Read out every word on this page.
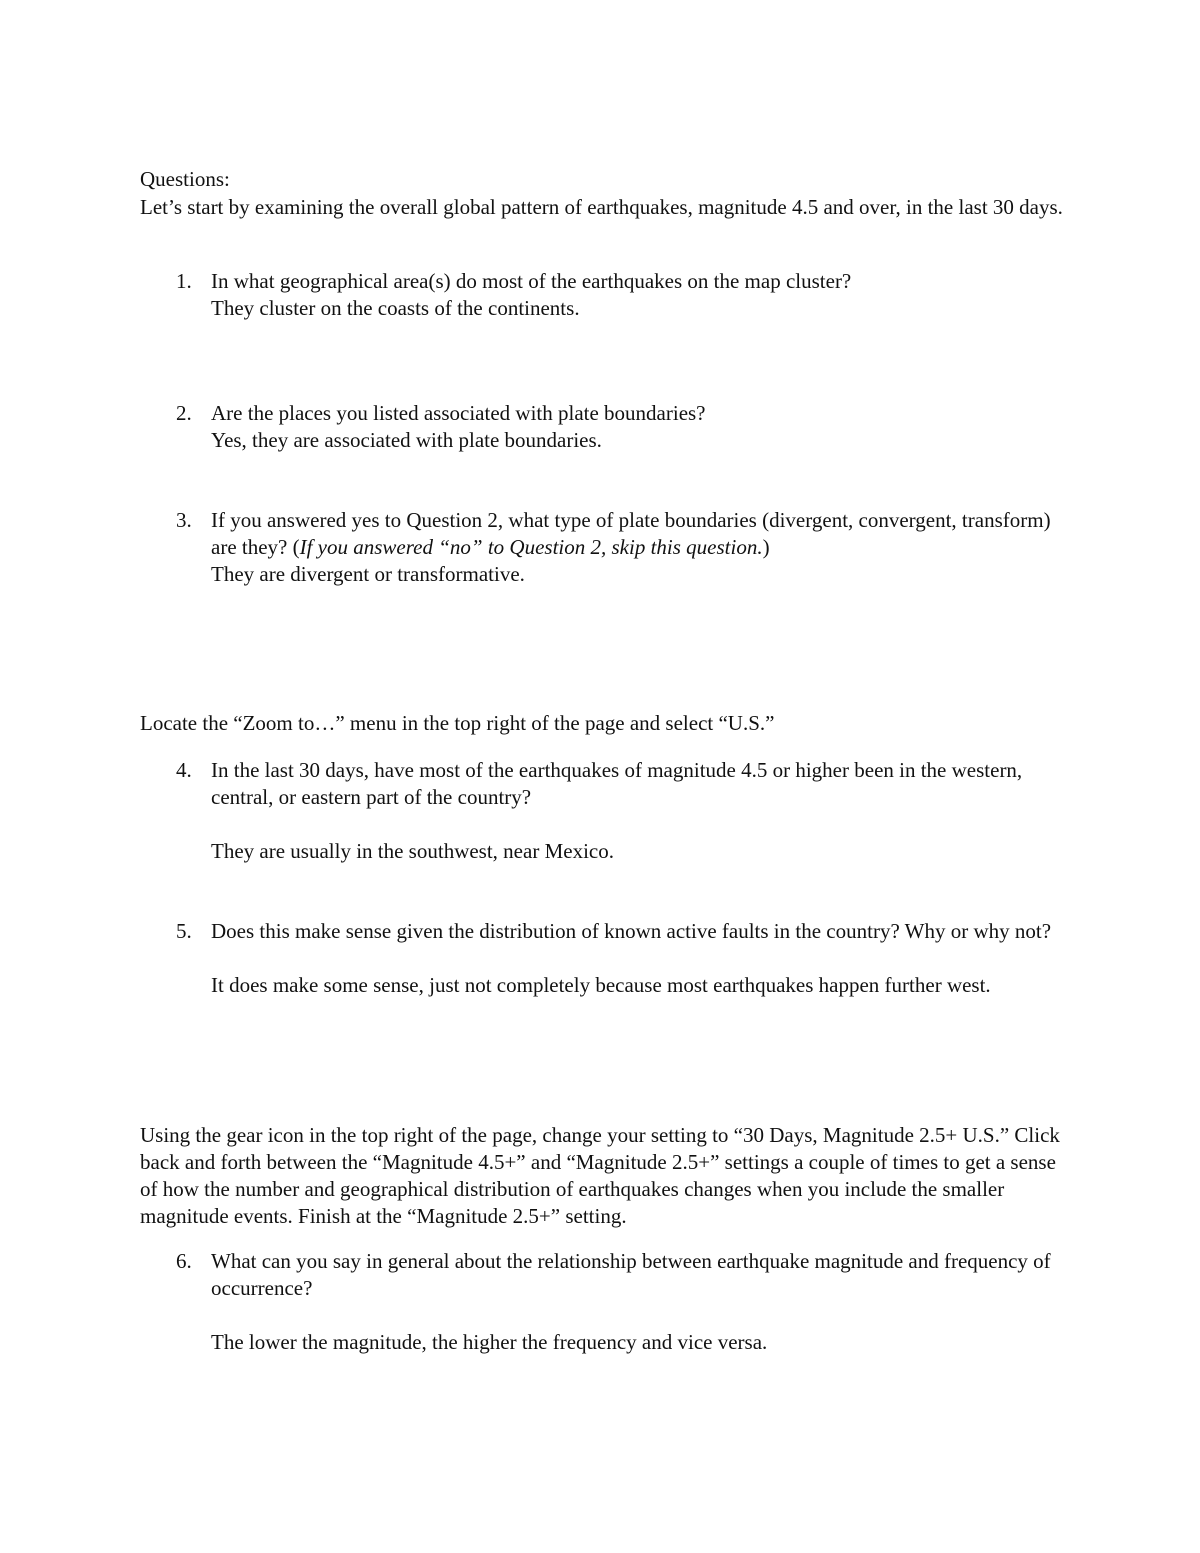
Questions:

Let’s start by examining the overall global pattern of earthquakes, magnitude 4.5 and over, in the last 30 days.

1. In what geographical area(s) do most of the earthquakes on the map cluster?

They cluster on the coasts of the continents.

2. Are the places you listed associated with plate boundaries?

Yes, they are associated with plate boundaries.

3. If you answered yes to Question 2, what type of plate boundaries (divergent, convergent, transform) are they? (If you answered “no” to Question 2, skip this question.)

They are divergent or transformative.

Locate the “Zoom to…” menu in the top right of the page and select “U.S.”

4. In the last 30 days, have most of the earthquakes of magnitude 4.5 or higher been in the western, central, or eastern part of the country?

They are usually in the southwest, near Mexico.

5. Does this make sense given the distribution of known active faults in the country? Why or why not?

It does make some sense, just not completely because most earthquakes happen further west.

Using the gear icon in the top right of the page, change your setting to “30 Days, Magnitude 2.5+ U.S.” Click back and forth between the “Magnitude 4.5+” and “Magnitude 2.5+” settings a couple of times to get a sense of how the number and geographical distribution of earthquakes changes when you include the smaller magnitude events. Finish at the “Magnitude 2.5+” setting.

6. What can you say in general about the relationship between earthquake magnitude and frequency of occurrence?

The lower the magnitude, the higher the frequency and vice versa.
